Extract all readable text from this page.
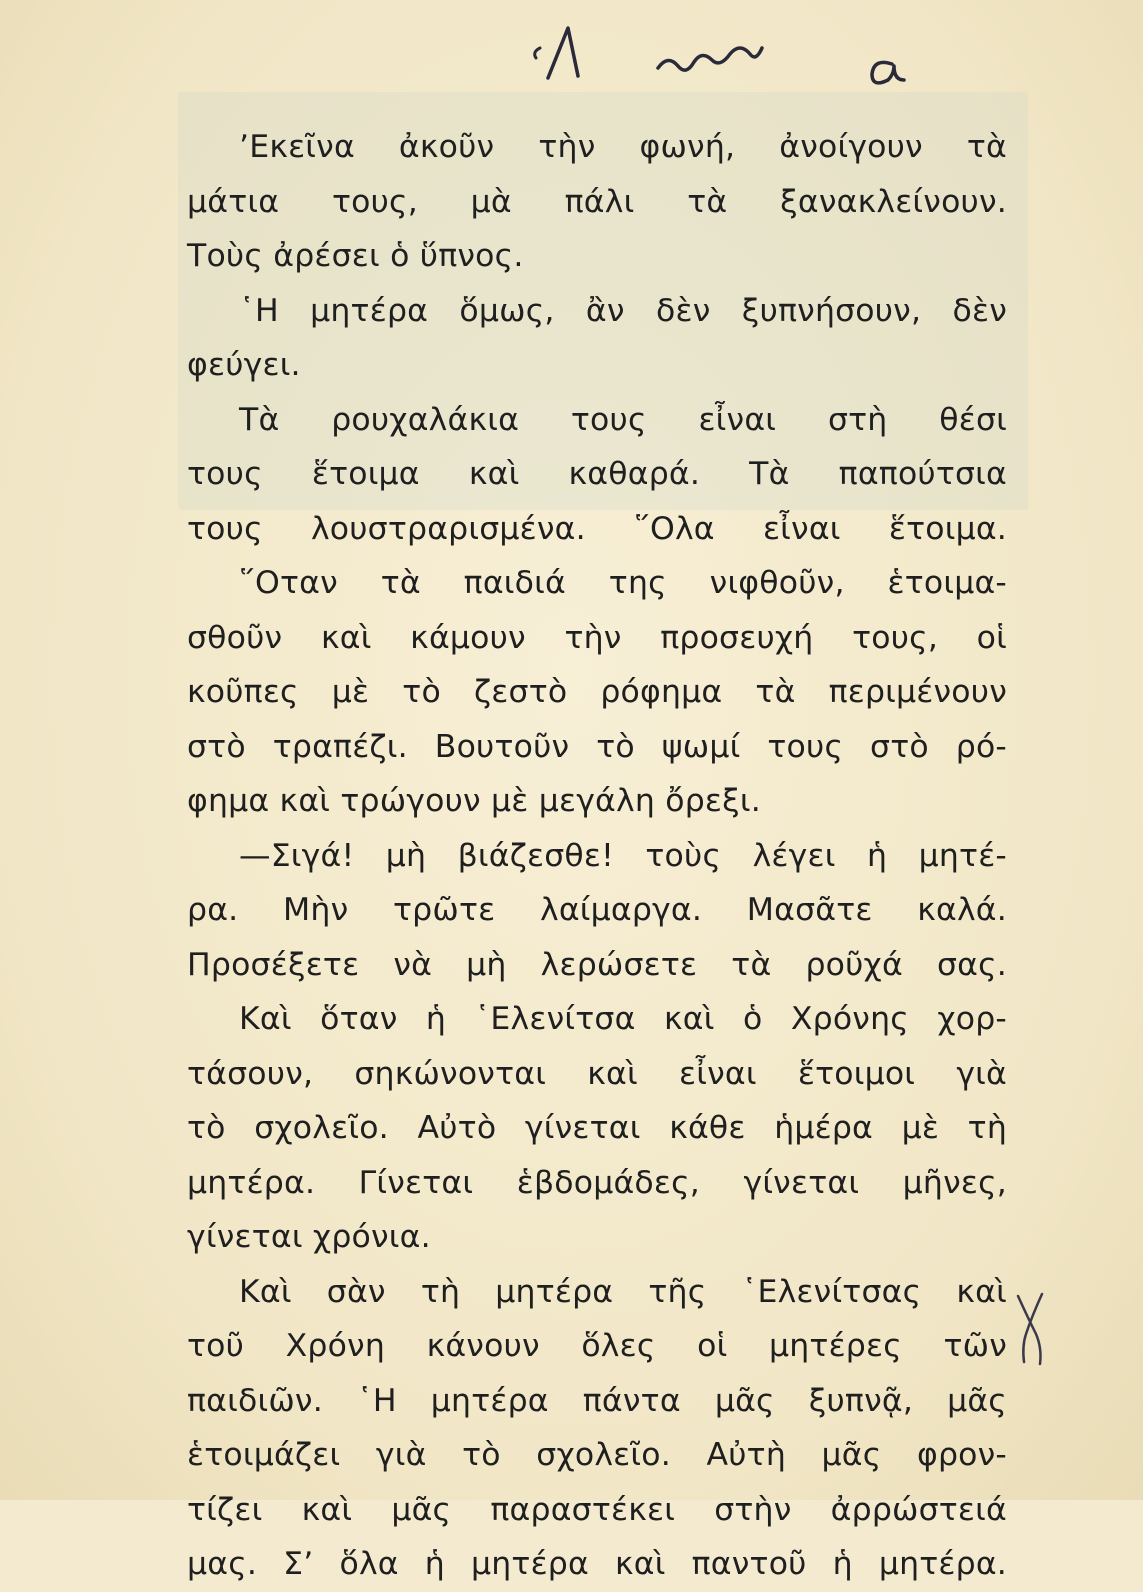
’Εκεῖνα ἀκοῦν τὴν φωνή, ἀνοίγουν τὰ
μάτια τους, μὰ πάλι τὰ ξανακλείνουν.
Τοὺς ἀρέσει ὁ ὕπνος.
῾Η μητέρα ὅμως, ἂν δὲν ξυπνήσουν, δὲν
φεύγει.
Τὰ ρουχαλάκια τους εἶναι στὴ θέσι
τους ἕτοιμα καὶ καθαρά. Τὰ παπούτσια
τους λουστραρισμένα. ῞Ολα εἶναι ἕτοιμα.
῞Οταν τὰ παιδιά της νιφθοῦν, ἑτοιμα-
σθοῦν καὶ κάμουν τὴν προσευχή τους, οἱ
κοῦπες μὲ τὸ ζεστὸ ρόφημα τὰ περιμένουν
στὸ τραπέζι. Βουτοῦν τὸ ψωμί τους στὸ ρό-
φημα καὶ τρώγουν μὲ μεγάλη ὄρεξι.
—Σιγά! μὴ βιάζεσθε! τοὺς λέγει ἡ μητέ-
ρα. Μὴν τρῶτε λαίμαργα. Μασᾶτε καλά.
Προσέξετε νὰ μὴ λερώσετε τὰ ροῦχά σας.
Καὶ ὅταν ἡ ῾Ελενίτσα καὶ ὁ Χρόνης χορ-
τάσουν, σηκώνονται καὶ εἶναι ἕτοιμοι γιὰ
τὸ σχολεῖο. Αὐτὸ γίνεται κάθε ἡμέρα μὲ τὴ
μητέρα. Γίνεται ἑβδομάδες, γίνεται μῆνες,
γίνεται χρόνια.
Καὶ σὰν τὴ μητέρα τῆς ῾Ελενίτσας καὶ
τοῦ Χρόνη κάνουν ὅλες οἱ μητέρες τῶν
παιδιῶν. ῾Η μητέρα πάντα μᾶς ξυπνᾷ, μᾶς
ἑτοιμάζει γιὰ τὸ σχολεῖο. Αὐτὴ μᾶς φρον-
τίζει καὶ μᾶς παραστέκει στὴν ἀρρώστειά
μας. Σ’ ὅλα ἡ μητέρα καὶ παντοῦ ἡ μητέρα.
